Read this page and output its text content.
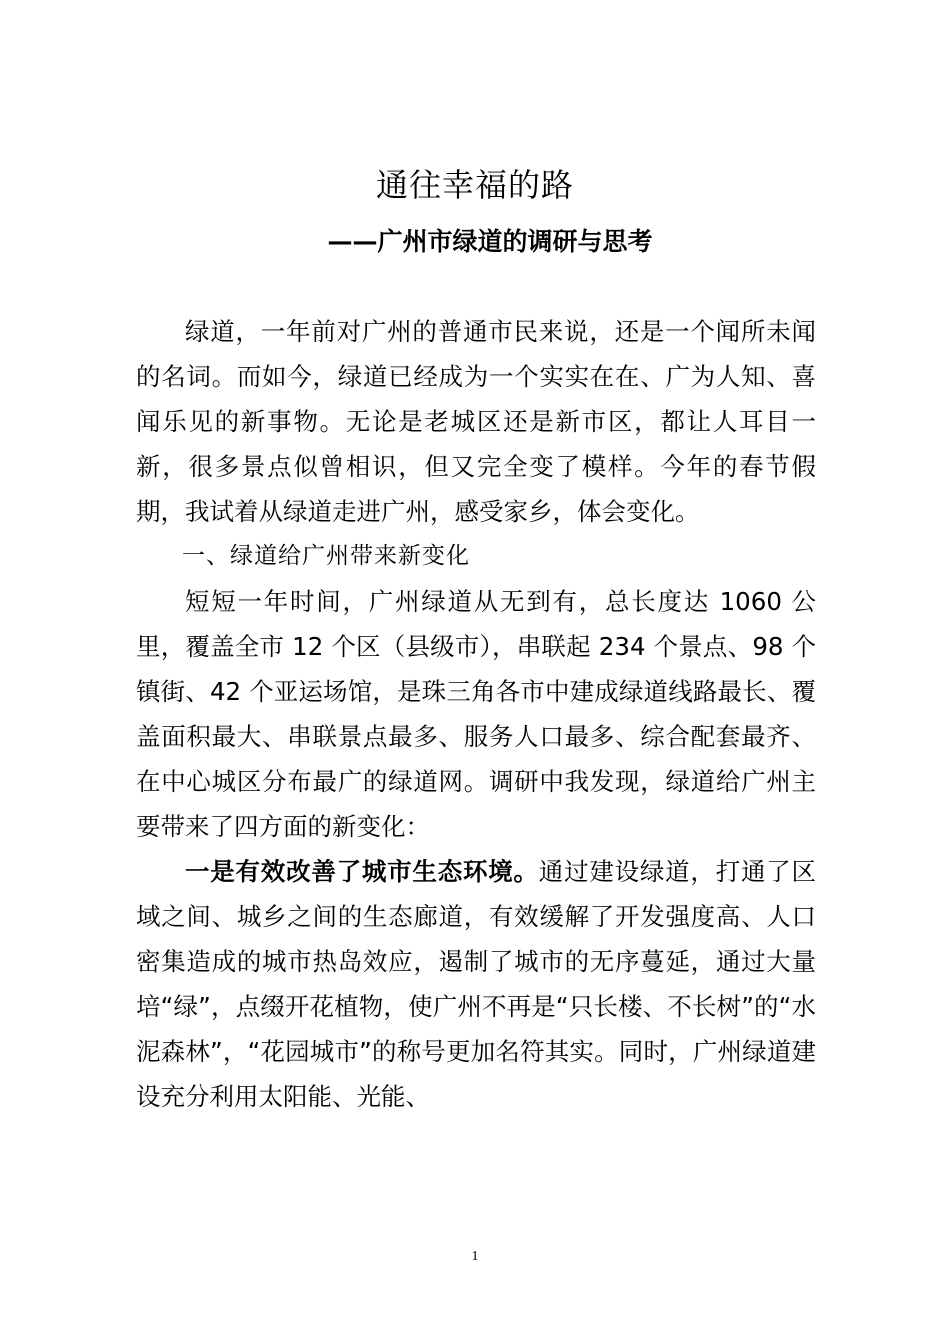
通往幸福的路
——广州市绿道的调研与思考

绿道，一年前对广州的普通市民来说，还是一个闻所未闻的名词。而如今，绿道已经成为一个实实在在、广为人知、喜闻乐见的新事物。无论是老城区还是新市区，都让人耳目一新，很多景点似曾相识，但又完全变了模样。今年的春节假期，我试着从绿道走进广州，感受家乡，体会变化。

一、绿道给广州带来新变化

短短一年时间，广州绿道从无到有，总长度达 1060 公里，覆盖全市 12 个区（县级市），串联起 234 个景点、98 个镇街、42 个亚运场馆，是珠三角各市中建成绿道线路最长、覆盖面积最大、串联景点最多、服务人口最多、综合配套最齐、在中心城区分布最广的绿道网。调研中我发现，绿道给广州主要带来了四方面的新变化：

一是有效改善了城市生态环境。通过建设绿道，打通了区域之间、城乡之间的生态廊道，有效缓解了开发强度高、人口密集造成的城市热岛效应，遏制了城市的无序蔓延，通过大量培“绿”，点缀开花植物，使广州不再是“只长楼、不长树”的“水泥森林”，“花园城市”的称号更加名符其实。同时，广州绿道建设充分利用太阳能、光能、

1
